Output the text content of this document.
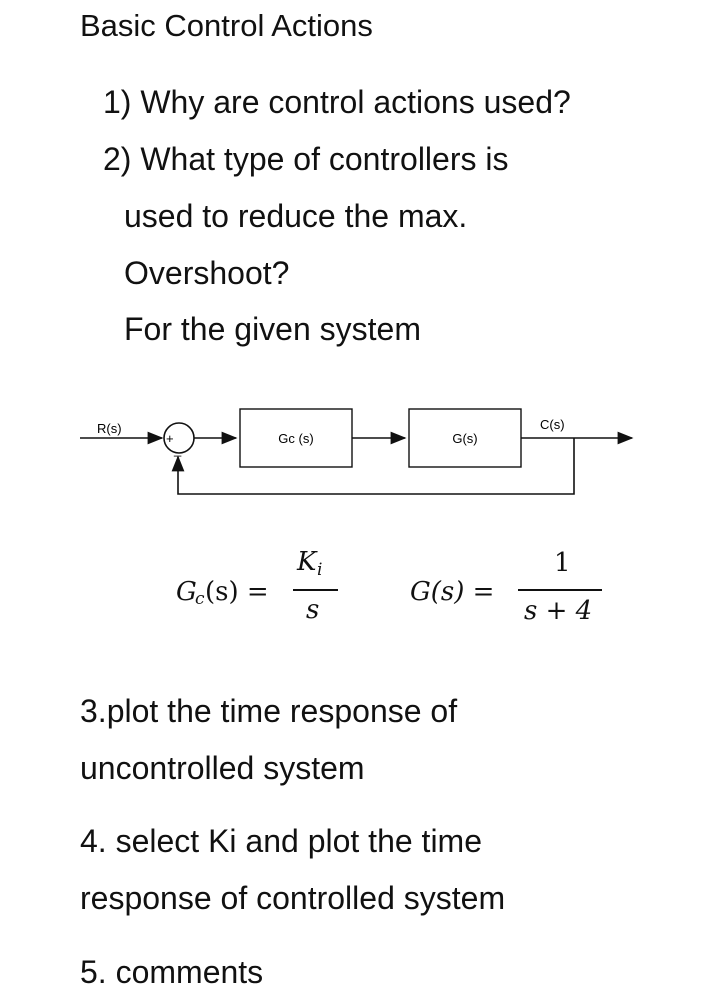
Basic Control Actions
1) Why are control actions used?
2) What type of controllers is
used to reduce the max.
Overshoot?
For the given system
R(s)
+
_
Gc (s)	G(s)
C(s)
G
c (s) =
K i
s
G(s) =
1
s + 4
3.plot the time response of
uncontrolled system
4. select Ki and plot the time
response of controlled system
5. comments
